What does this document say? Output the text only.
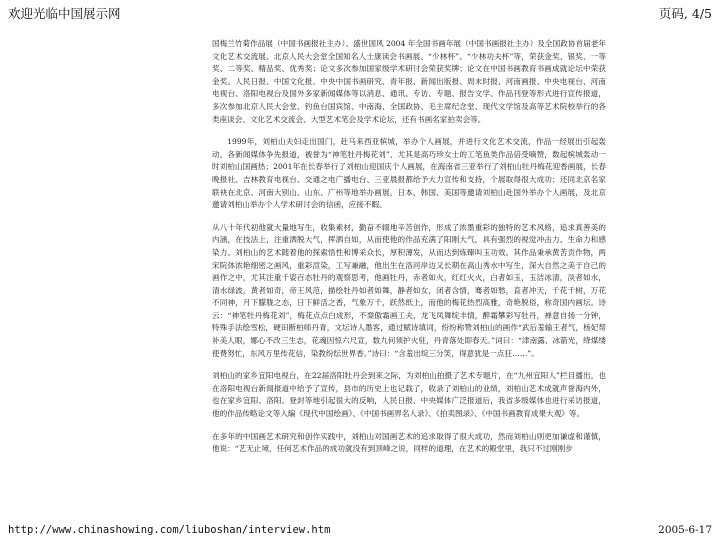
欢迎光临中国展示网	页码, 4/5

国梅兰竹菊作品展（中国书画报社主办）、盛世国风 2004 年全国书画年展（中国书画报社主办）及全国政协首届老年文化艺术交流展、北京人民大会堂全国知名人士康读会书画展、“少林杯”、“少林功夫杯”等，荣获金奖、银奖、一等奖、二等奖、精品奖、优秀奖；论文多次参加国家级学术研讨会荣获奖牌；论文在中国书画教育书画成就论坛中荣获金奖。人民日报、中国文化报、中央中国书画研究、青年报、新闻出版报、周末时报、河南画报、中央电视台、河南电视台、洛阳电视台及国外多家新闻媒体等以消息、通讯、专访、专题、报告文学、作品刊登等形式进行宣传报道，多次参加北京人民大会堂、钓鱼台国宾馆、中南海、全国政协、毛主席纪念堂、现代文学馆及高等艺术院校举行的各类座谈会、文化艺术交流会、大型艺术笔会及学术论坛，还有书画名家拍卖会等。

1999年，刘柏山夫妇走出国门，赴马来西亚槟城，举办个人画展，并进行文化艺术交流，作品一经展出引起轰动，各新闻媒体争先报道，被誉为“神笔牡丹梅花刘”，尤其是高巧珍女士的工笔鱼类作品倍受嘀赞，数起槟城轰动一时刘柏山国画热；2001年在长春举行了刘柏山迎国庆个人画展，在海南省三亚举行了刘柏山牡丹梅花迎香画展，长春晚报社、吉林教育电视台、交通之电广播电台、三亚晨报都给予大力宣传和支持，个展取得很大成功；还同北京名家联袂在北京、河南大别山、山东、广州等地举办画展，日本、韩国、美国等邀请刘柏山赴国外举办个人画展，及北京邀请刘柏山举办个人学术研讨会的信函，应接不暇。

从八十年代初他就大量地写生，收集素材，勤奋不辍地辛苦创作，形成了浓墨重彩的独特的艺术风格，追求真善美的内涵，在技法上，注重洒脱大气，挥洒自如，从而使他的作品充满了阳刚大气，具有强烈的视觉冲击力、生命力和感染力。刘柏山的艺术随着他的探索悟性和博采众长，厚积薄发，从而达到炼臻叫玉功效。其作品秉承黄苦贡作物，两宋院体浓艳细密之画风，重彩渲染，工写兼融，他出生在洛河岸边又长期在高山秀水中写生，深大自然之美于自己的画作之中，尤其注重千姿百态牡丹的观察思考，他画牡丹，赤者如火，红红火火，白者如玉，玉洁冰清，淡者如水，清水绿波，黄者如奇，帝王风范，描绘牡丹如者如舞，静者如女，闭者含情，骞者如愁，直者冲天，千花千树，万花不同神，月下朦胧之态，日下鲜活之香，气象万千，跃然纸上，而他的梅花热烈高雅，奇艳脱俗，称奇国内画坛。诗云：“神笔牡丹梅花刘”，梅花点点白成形，不耍傲霜画工夫，龙飞凤舞绽丰情，醉霜攀彩写牡丹，禅意自扬一分钟，特殊手法绘雪松，硬田断柏师丹青，文坛诗人墨客，通过赋诗填词，纷纷称赞刘柏山的画作“武后羞输王者气，杨妃帮补美人眼，娜心不改三生志，花魂因惊六尺宣，数九何须护火驻，丹青落处即春天。”词曰：“津南露、冰箭光，绛煤缕使费努忙，东风万里传花信，染教纷纭世界香。”诗曰：“含羞出绽三分笑，得意犹是一点狂……”。

刘柏山的家乡宜阳电视台，在22届洛阳牡丹会到来之际，为刘柏山拍摄了艺术专题片，在“九州宜阳人”栏目播出，也在洛阳电视台新闻报道中给予了宣传，县市的历史上也记载了，收录了刘柏山的业绩，刘柏山艺术成就声誉海内外，也在家乡宜阳、洛阳、登封等地引起很大的反响，人民日报、中央媒体广泛报道后，我省多级媒体也进行采访报道，他的作品传略论文等入编《现代中国绘画》、《中国书画界名人录》、《拍卖图录》、《中国书画教育成果大观》等。

在多年的中国画艺术研究和创作实践中，刘柏山对国画艺术的追求取得了很大成功，然而刘柏山则更加谦虚和谨慎，他说：“艺无止境，任何艺术作品的成功就没有到顶峰之说，同样的道理，在艺术的殿堂里，我只不过刚刚步

http://www.chinashowing.com/liuboshan/interview.htm	2005-6-17
